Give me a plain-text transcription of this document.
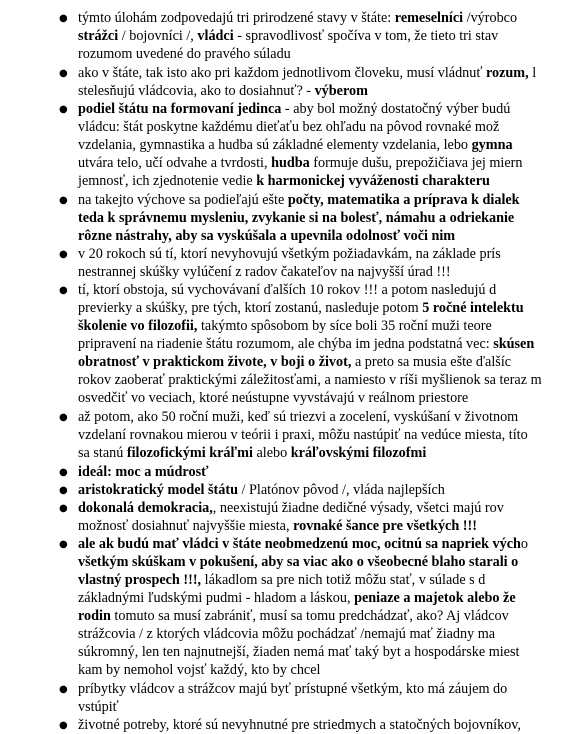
● týmto úlohám zodpovedajú tri prirodzené stavy v štáte: remeselníci /výrobco
strážci / bojovníci /, vládci - spravodlivosť spočíva v tom, že tieto tri stav
rozumom uvedené do pravého súladu
● ako v štáte, tak isto ako pri každom jednotlivom človeku, musí vládnuť rozum, l
stelesňujú vládcovia, ako to dosiahnuť? - výberom
● podiel štátu na formovaní jedinca - aby bol možný dostatočný výber budú
vládcu: štát poskytne každému dieťaťu bez ohľadu na pôvod rovnaké mož
vzdelania, gymnastika a hudba sú základné elementy vzdelania, lebo gymna
utvára telo, učí odvahe a tvrdosti, hudba formuje dušu, prepožičiava jej miern
jemnosť, ich zjednotenie vedie k harmonickej vyváženosti charakteru
● na takejto výchove sa podieľajú ešte počty, matematika a príprava k dialek
teda k správnemu mysleniu, zvykanie si na bolesť, námahu a odriekanie
rôzne nástrahy, aby sa vyskúšala a upevnila odolnosť voči nim
● v 20 rokoch sú tí, ktorí nevyhovujú všetkým požiadavkám, na základe prís
nestrannej skúšky vylúčení z radov čakateľov na najvyšší úrad !!!
● tí, ktorí obstoja, sú vychovávaní ďalších 10 rokov !!! a potom nasledujú d
previerky a skúšky, pre tých, ktorí zostanú, nasleduje potom 5 ročné intelektu
školenie vo filozofii, takýmto spôsobom by síce boli 35 roční muži teore
pripravení na riadenie štátu rozumom, ale chýba im jedna podstatná vec: skúsen
obratnosť v praktickom živote, v boji o život, a preto sa musia ešte ďalšíc
rokov zaoberať praktickými záležitosťami, a namiesto v ríši myšlienok sa teraz m
osvedčiť vo veciach, ktoré neústupne vyvstávajú v reálnom priestore
● až potom, ako 50 roční muži, keď sú triezvi a zocelení, vyskúšaní v životnom
vzdelaní rovnakou mierou v teórii i praxi, môžu nastúpiť na vedúce miesta, títo
sa stanú filozofickými kráľmi alebo kráľovskými filozofmi
● ideál: moc a múdrosť
● aristokratický model štátu / Platónov pôvod /, vláda najlepších
● dokonalá demokracia,, neexistujú žiadne dedičné výsady, všetci majú rov
možnosť dosiahnuť najvyššie miesta, rovnaké šance pre všetkých !!!
● ale ak budú mať vládci v štáte neobmedzenú moc, ocitnú sa napriek výcho
všetkým skúškam v pokušení, aby sa viac ako o všeobecné blaho starali o
vlastný prospech !!!, lákadlom sa pre nich totiž môžu stať, v súlade s d
základnými ľudskými pudmi - hladom a láskou, peniaze a majetok alebo že
rodin tomuto sa musí zabrániť, musí sa tomu predchádzať, ako? Aj vládcov
strážcovia / z ktorých vládcovia môžu pochádzať /nemajú mať žiadny ma
súkromný, len ten najnutnejší, žiaden nemá mať taký byt a hospodárske miest
kam by nemohol vojsť každý, kto by chcel
● príbytky vládcov a strážcov majú byť prístupné všetkým, kto má záujem do
vstúpiť
● životné potreby, ktoré sú nevyhnutné pre striedmych a statočných bojovníkov,
